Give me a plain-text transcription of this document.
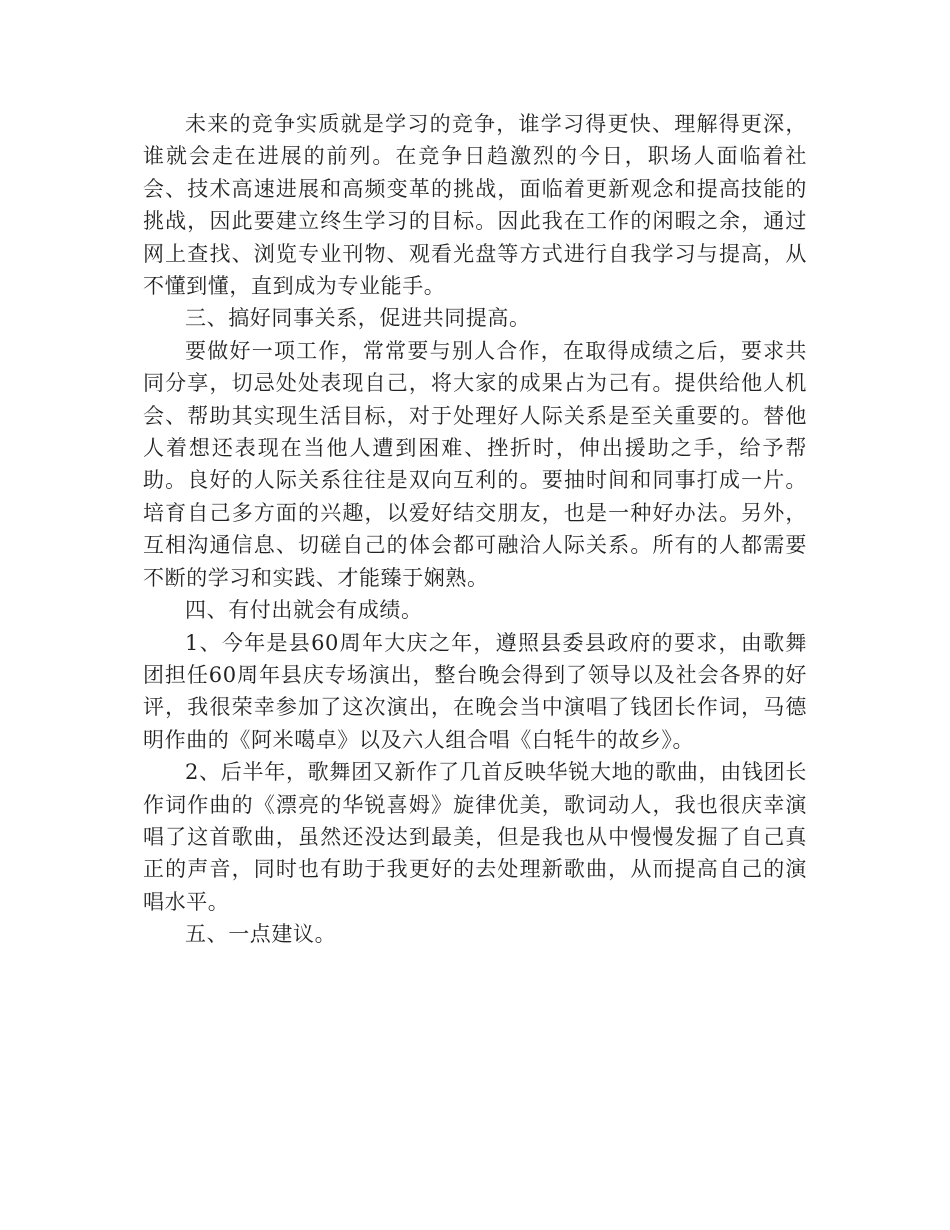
未来的竞争实质就是学习的竞争，谁学习得更快、理解得更深，谁就会走在进展的前列。在竞争日趋激烈的今日，职场人面临着社会、技术高速进展和高频变革的挑战，面临着更新观念和提高技能的挑战，因此要建立终生学习的目标。因此我在工作的闲暇之余，通过网上查找、浏览专业刊物、观看光盘等方式进行自我学习与提高，从不懂到懂，直到成为专业能手。

三、搞好同事关系，促进共同提高。

要做好一项工作，常常要与别人合作，在取得成绩之后，要求共同分享，切忌处处表现自己，将大家的成果占为己有。提供给他人机会、帮助其实现生活目标，对于处理好人际关系是至关重要的。替他人着想还表现在当他人遭到困难、挫折时，伸出援助之手，给予帮助。良好的人际关系往往是双向互利的。要抽时间和同事打成一片。培育自己多方面的兴趣，以爱好结交朋友，也是一种好办法。另外，互相沟通信息、切磋自己的体会都可融洽人际关系。所有的人都需要不断的学习和实践、才能臻于娴熟。

四、有付出就会有成绩。

1、今年是县60周年大庆之年，遵照县委县政府的要求，由歌舞团担任60周年县庆专场演出，整台晚会得到了领导以及社会各界的好评，我很荣幸参加了这次演出，在晚会当中演唱了钱团长作词，马德明作曲的《阿米噶卓》以及六人组合唱《白牦牛的故乡》。

2、后半年，歌舞团又新作了几首反映华锐大地的歌曲，由钱团长作词作曲的《漂亮的华锐喜姆》旋律优美，歌词动人，我也很庆幸演唱了这首歌曲，虽然还没达到最美，但是我也从中慢慢发掘了自己真正的声音，同时也有助于我更好的去处理新歌曲，从而提高自己的演唱水平。

五、一点建议。
